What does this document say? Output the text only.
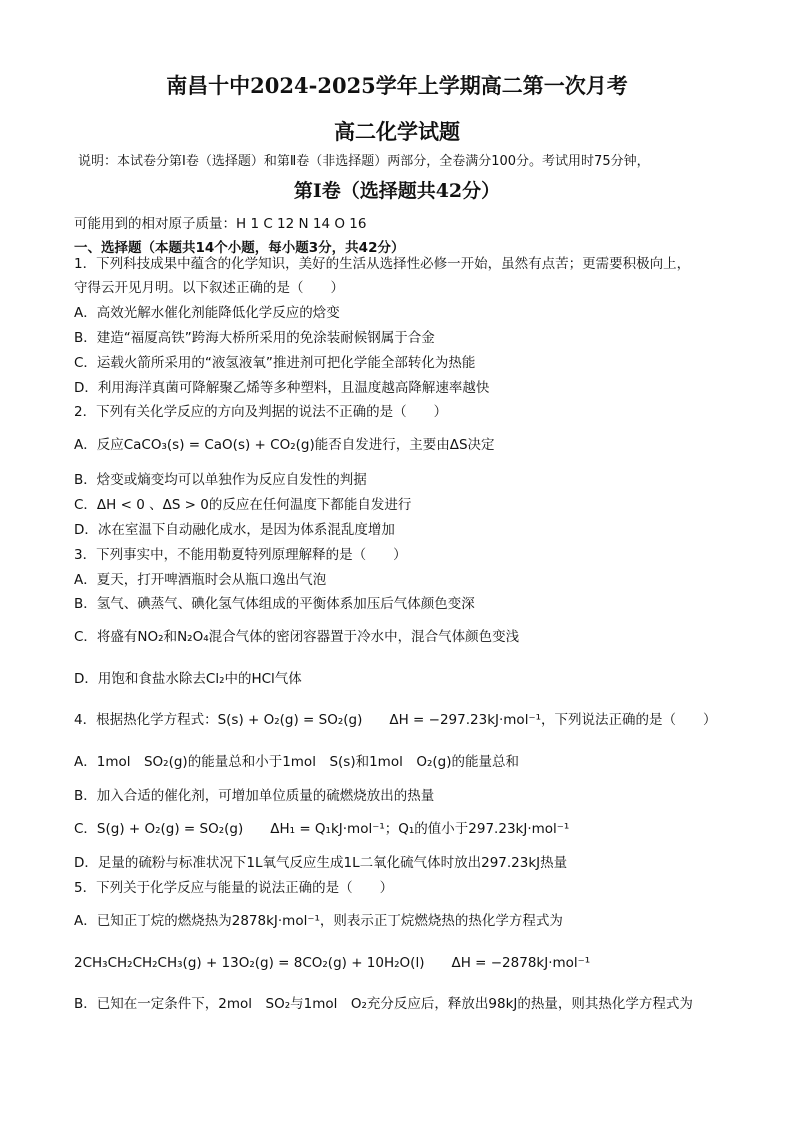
南昌十中2024-2025学年上学期高二第一次月考
高二化学试题
说明：本试卷分第Ⅰ卷（选择题）和第Ⅱ卷（非选择题）两部分，全卷满分100分。考试用时75分钟，
第Ⅰ卷（选择题共42分）
可能用到的相对原子质量：H 1 C 12 N 14 O 16
一、选择题（本题共14个小题，每小题3分，共42分）
1．下列科技成果中蕴含的化学知识，美好的生活从选择性必修一开始，虽然有点苦；更需要积极向上，
守得云开见月明。以下叙述正确的是（　　）
A．高效光解水催化剂能降低化学反应的焓变
B．建造“福厦高铁”跨海大桥所采用的免涂装耐候钢属于合金
C．运载火箭所采用的“液氢液氧”推进剂可把化学能全部转化为热能
D．利用海洋真菌可降解聚乙烯等多种塑料，且温度越高降解速率越快
2．下列有关化学反应的方向及判据的说法不正确的是（　　）
A．反应CaCO₃(s) = CaO(s) + CO₂(g)能否自发进行，主要由ΔS决定
B．焓变或熵变均可以单独作为反应自发性的判据
C．ΔH < 0 、ΔS > 0的反应在任何温度下都能自发进行
D．冰在室温下自动融化成水，是因为体系混乱度增加
3．下列事实中，不能用勒夏特列原理解释的是（　　）
A．夏天，打开啤酒瓶时会从瓶口逸出气泡
B．氢气、碘蒸气、碘化氢气体组成的平衡体系加压后气体颜色变深
C．将盛有NO₂和N₂O₄混合气体的密闭容器置于冷水中，混合气体颜色变浅
D．用饱和食盐水除去Cl₂中的HCl气体
4．根据热化学方程式：S(s) + O₂(g) = SO₂(g)　　ΔH = −297.23kJ·mol⁻¹，下列说法正确的是（　　）
A．1mol　SO₂(g)的能量总和小于1mol　S(s)和1mol　O₂(g)的能量总和
B．加入合适的催化剂，可增加单位质量的硫燃烧放出的热量
C．S(g) + O₂(g) = SO₂(g)　　ΔH₁ = Q₁kJ·mol⁻¹；Q₁的值小于297.23kJ·mol⁻¹
D．足量的硫粉与标准状况下1L氧气反应生成1L二氧化硫气体时放出297.23kJ热量
5．下列关于化学反应与能量的说法正确的是（　　）
A．已知正丁烷的燃烧热为2878kJ·mol⁻¹，则表示正丁烷燃烧热的热化学方程式为
2CH₃CH₂CH₂CH₃(g) + 13O₂(g) = 8CO₂(g) + 10H₂O(l)　　ΔH = −2878kJ·mol⁻¹
B．已知在一定条件下，2mol　SO₂与1mol　O₂充分反应后，释放出98kJ的热量，则其热化学方程式为
